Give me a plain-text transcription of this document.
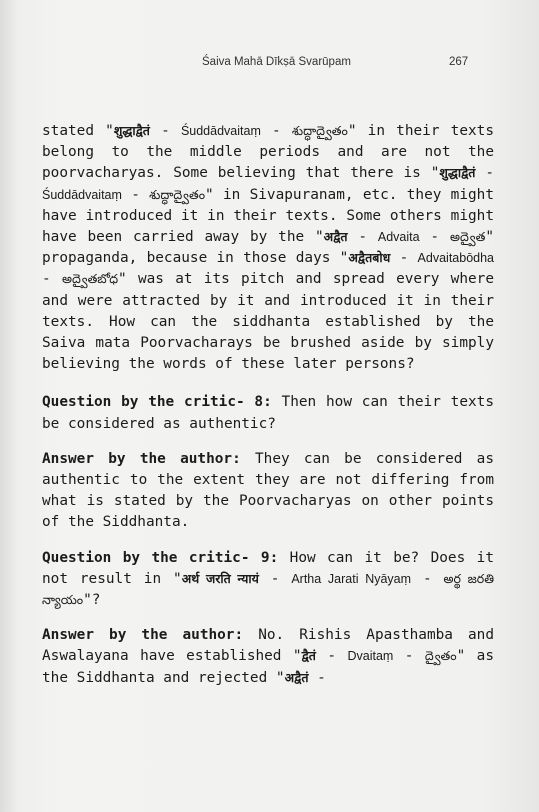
Śaiva Mahā Dīkṣā Svarūpam	267

stated "शुद्धाद्वैतं - Śuddādvaitaṃ - శుద్ధాద్వైతం" in their texts belong to the middle periods and are not the poorvacharyas. Some believing that there is "शुद्धाद्वैतं - Śuddādvaitaṃ - శుద్ధాద్వైతం" in Sivapuranam, etc. they might have introduced it in their texts. Some others might have been carried away by the "अद्वैत - Advaita - అద్వైత" propaganda, because in those days "अद्वैतबोध - Advaitabōdha - అద్వైతబోధ" was at its pitch and spread every where and were attracted by it and introduced it in their texts. How can the siddhanta established by the Saiva mata Poorvacharays be brushed aside by simply believing the words of these later persons?

Question by the critic- 8: Then how can their texts be considered as authentic?

Answer by the author: They can be considered as authentic to the extent they are not differing from what is stated by the Poorvacharyas on other points of the Siddhanta.

Question by the critic- 9: How can it be? Does it not result in "अर्थ जरति न्यायं - Artha Jarati Nyāyaṃ - అర్థ జరతి న్యాయం"?

Answer by the author: No. Rishis Apasthamba and Aswalayana have established "द्वैतं - Dvaitaṃ - ద్వైతం" as the Siddhanta and rejected "अद्वैतं -
